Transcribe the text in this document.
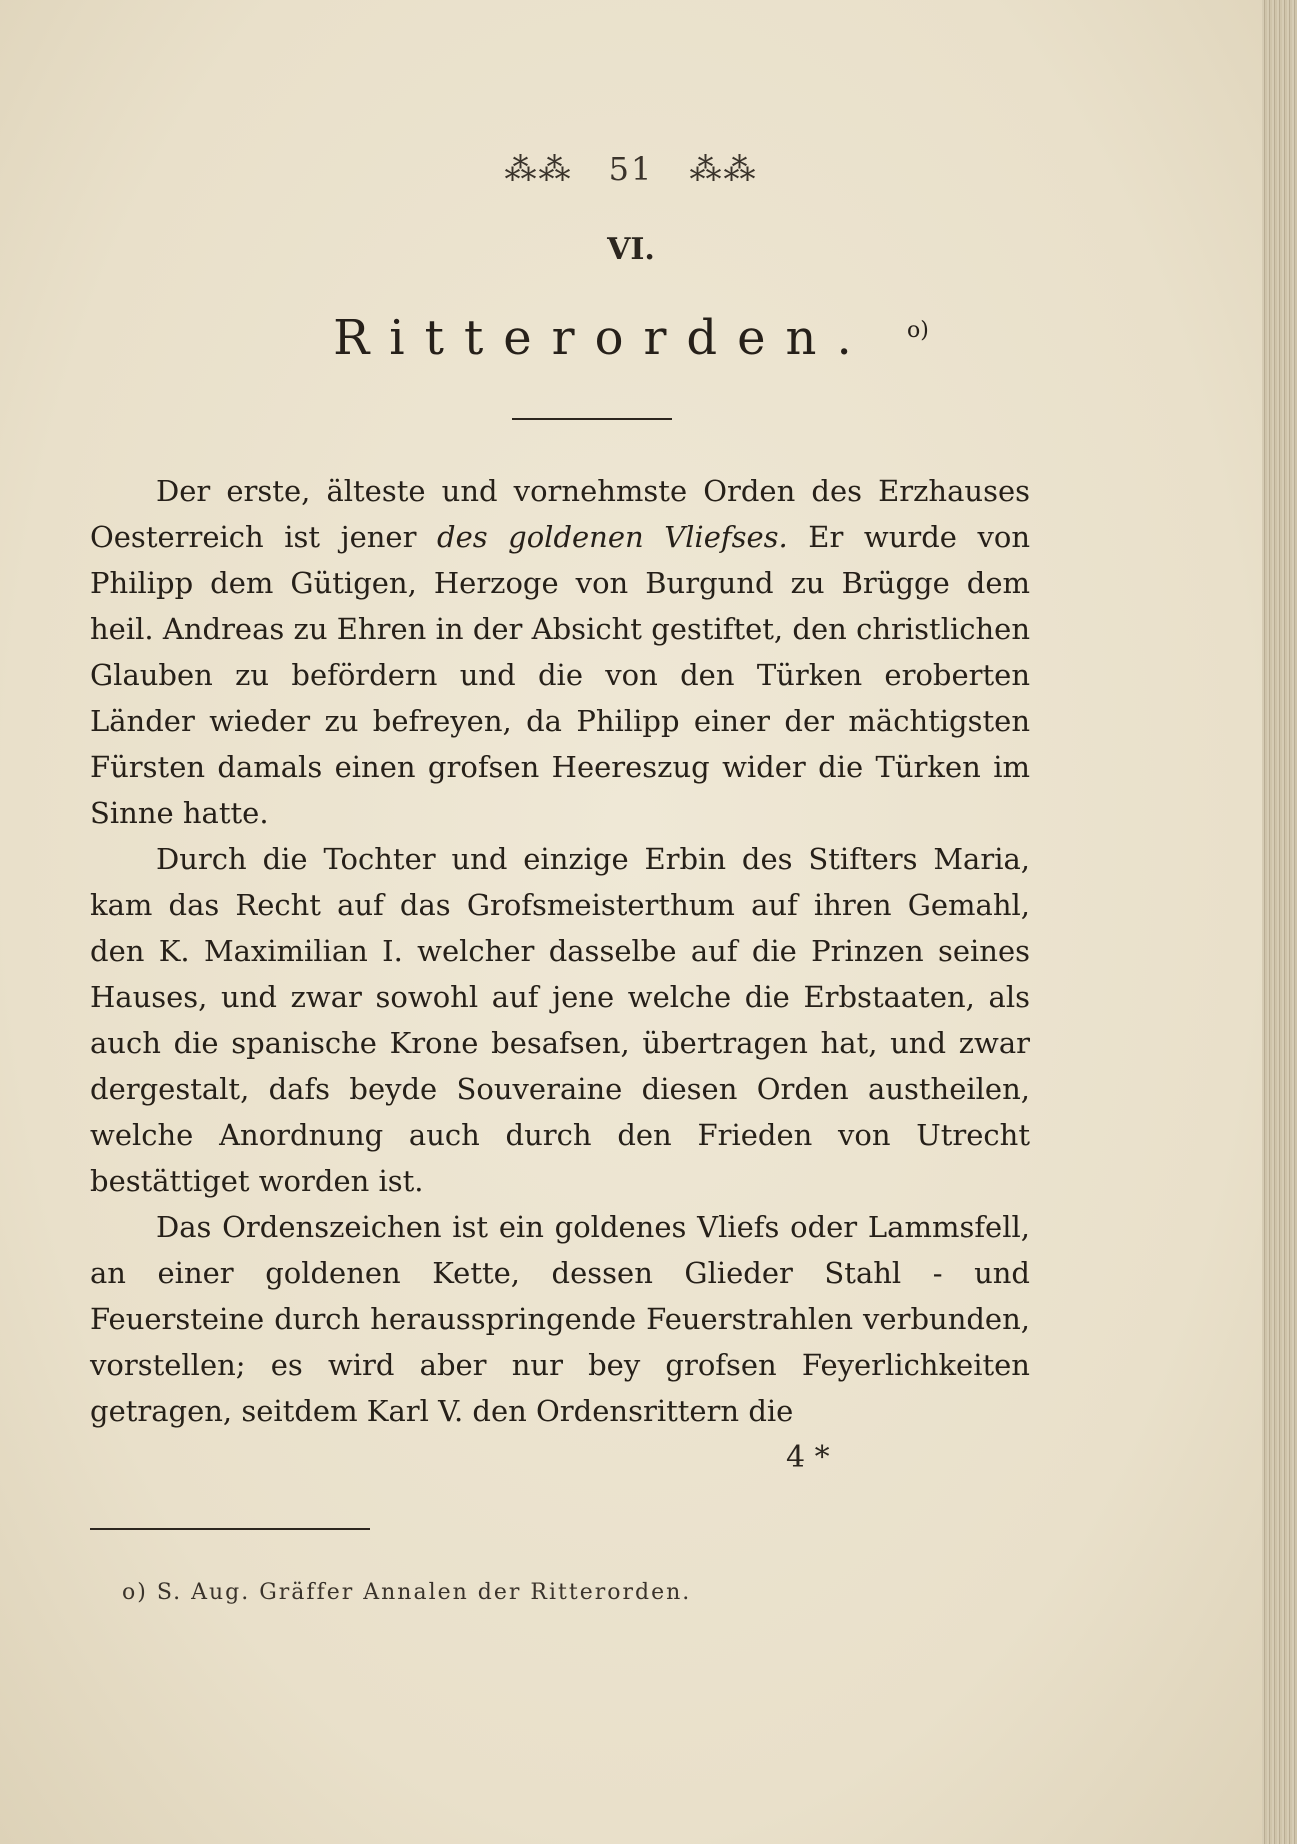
⁂⁂ 51 ⁂⁂
VI.
Ritterorden. $^{o)}$

Der erste, älteste und vornehmste Orden des Erzhauses Oesterreich ist jener des goldenen Vliefses. Er wurde von Philipp dem Gütigen, Herzoge von Burgund zu Brügge dem heil. Andreas zu Ehren in der Absicht gestiftet, den christlichen Glauben zu befördern und die von den Türken eroberten Länder wieder zu befreyen, da Philipp einer der mächtigsten Fürsten damals einen grofsen Heereszug wider die Türken im Sinne hatte.

Durch die Tochter und einzige Erbin des Stifters Maria, kam das Recht auf das Grofsmeisterthum auf ihren Gemahl, den K. Maximilian I. welcher dasselbe auf die Prinzen seines Hauses, und zwar sowohl auf jene welche die Erbstaaten, als auch die spanische Krone besafsen, übertragen hat, und zwar dergestalt, dafs beyde Souveraine diesen Orden austheilen, welche Anordnung auch durch den Frieden von Utrecht bestättiget worden ist.

Das Ordenszeichen ist ein goldenes Vliefs oder Lammsfell, an einer goldenen Kette, dessen Glieder Stahl - und Feuersteine durch herausspringende Feuerstrahlen verbunden, vorstellen; es wird aber nur bey grofsen Feyerlichkeiten getragen, seitdem Karl V. den Ordensrittern die

4 *
o) S. Aug. Gräffer Annalen der Ritterorden.
